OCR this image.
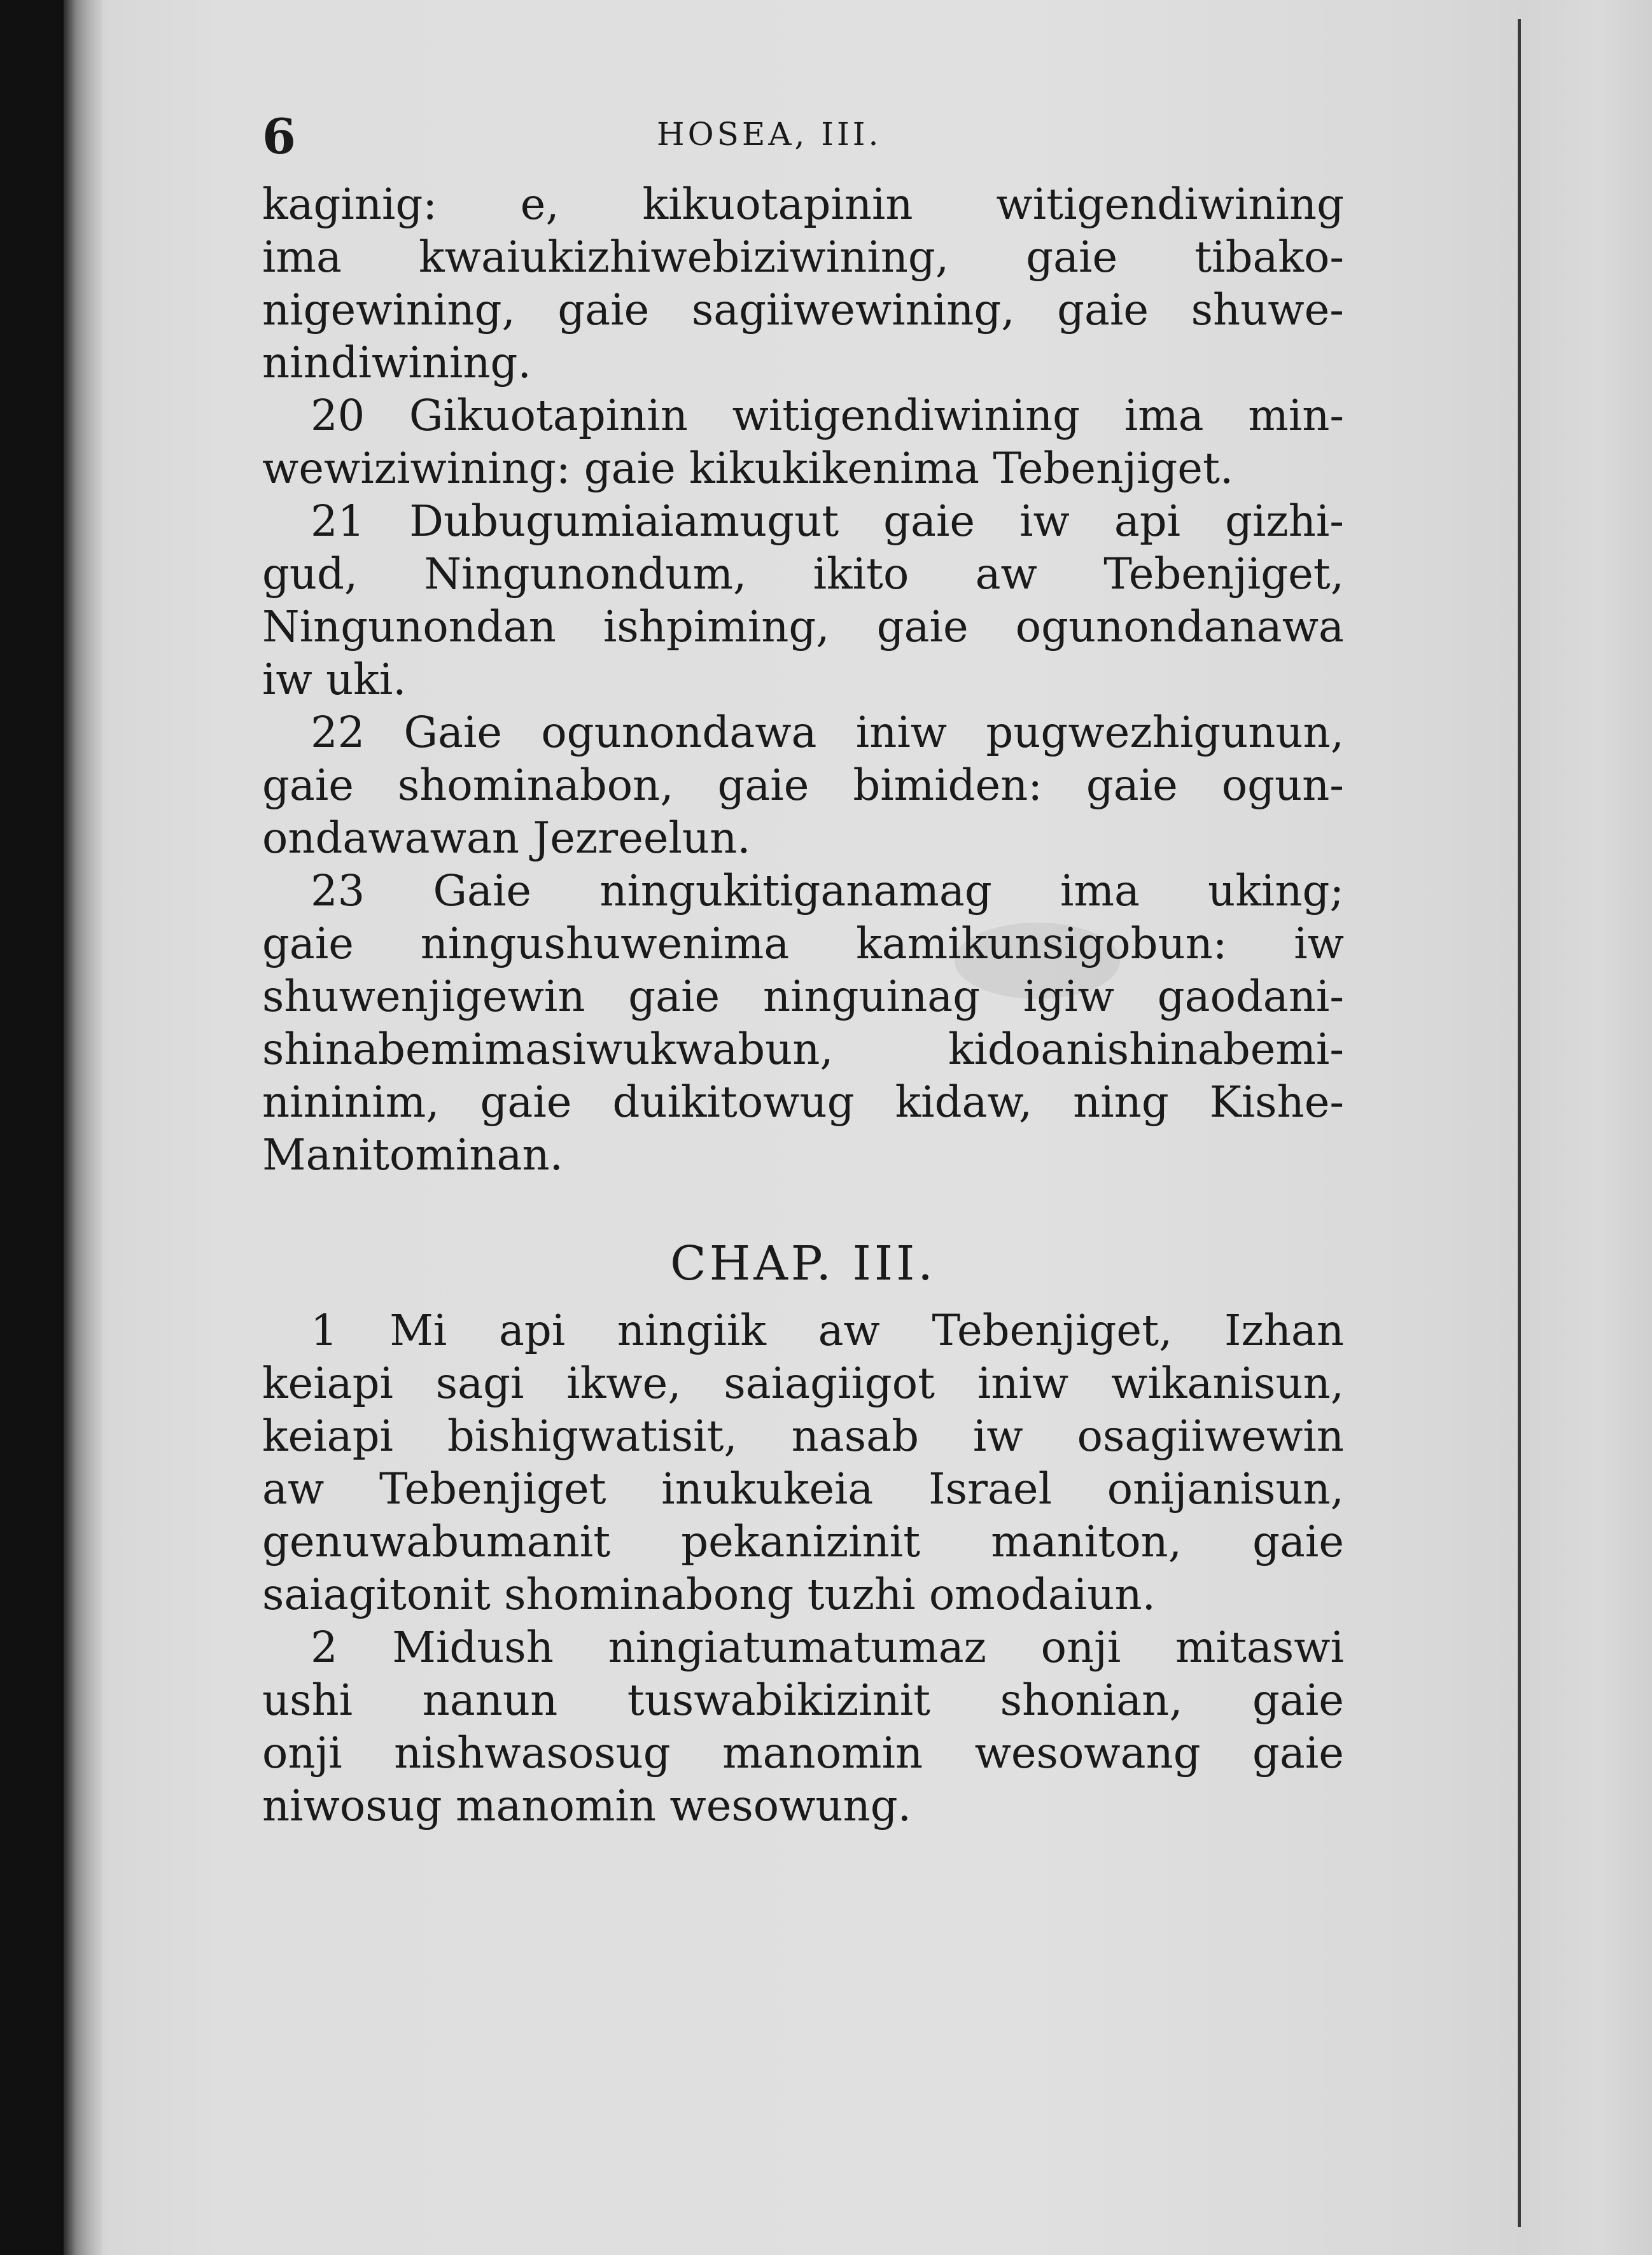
6	HOSEA, III.
kaginig: e, kikuotapinin witigendiwining
ima kwaiukizhiwebiziwining, gaie tibako-
nigewining, gaie sagiiwewining, gaie shuwe-
nindiwining.
20 Gikuotapinin witigendiwining ima min-
wewiziwining: gaie kikukikenima Tebenjiget.
21 Dubugumiaiamugut gaie iw api gizhi-
gud, Ningunondum, ikito aw Tebenjiget,
Ningunondan ishpiming, gaie ogunondanawa
iw uki.
22 Gaie ogunondawa iniw pugwezhigunun,
gaie shominabon, gaie bimiden: gaie ogun-
ondawawan Jezreelun.
23 Gaie ningukitiganamag ima uking;
gaie ningushuwenima kamikunsigobun: iw
shuwenjigewin gaie ninguinag igiw gaodani-
shinabemimasiwukwabun,	kidoanishinabemi-
nininim, gaie duikitowug kidaw, ning Kishe-
Manitominan.
CHAP. III.
1 Mi api ningiik aw Tebenjiget, Izhan
keiapi sagi ikwe, saiagiigot iniw wikanisun,
keiapi bishigwatisit, nasab iw osagiiwewin
aw Tebenjiget inukukeia Israel onijanisun,
genuwabumanit pekanizinit maniton, gaie
saiagitonit shominabong tuzhi omodaiun.
2 Midush ningiatumatumaz onji mitaswi
ushi nanun tuswabikizinit shonian, gaie
onji nishwasosug manomin wesowang gaie
niwosug manomin wesowung.
